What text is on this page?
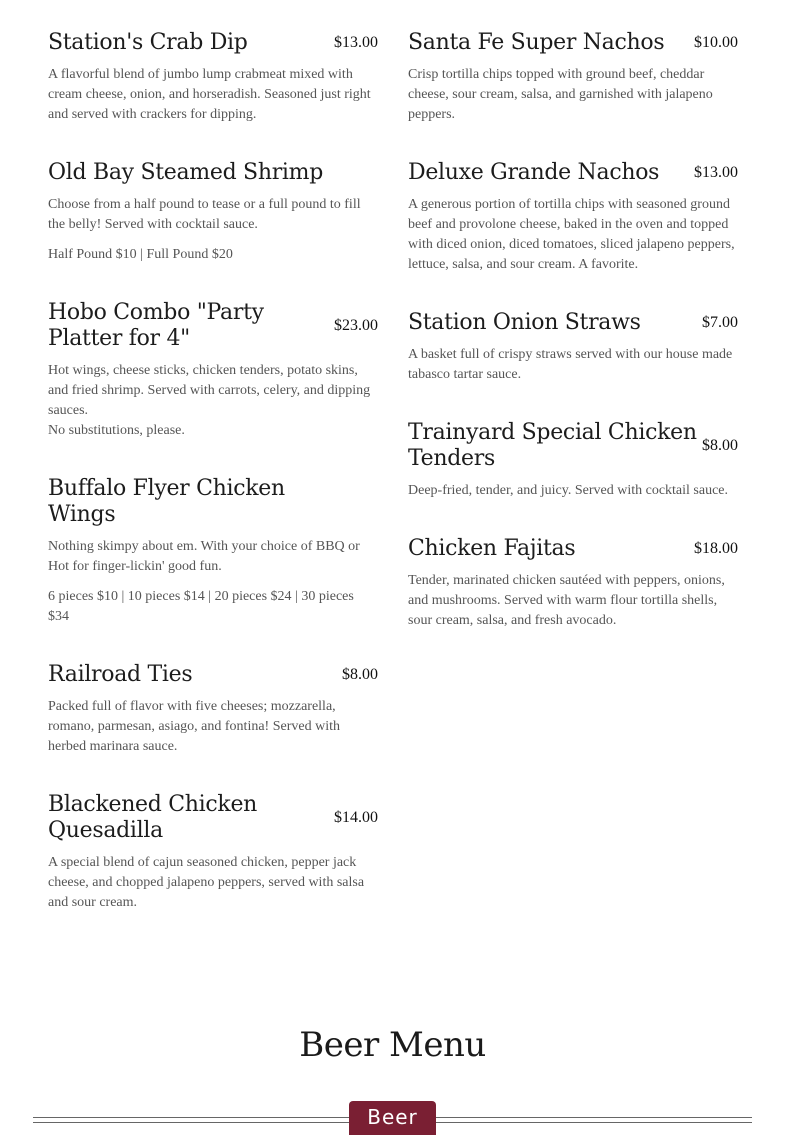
Station's Crab Dip	$13.00
A flavorful blend of jumbo lump crabmeat mixed with cream cheese, onion, and horseradish. Seasoned just right and served with crackers for dipping.
Old Bay Steamed Shrimp
Choose from a half pound to tease or a full pound to fill the belly! Served with cocktail sauce.
Half Pound $10 | Full Pound $20
Hobo Combo "Party Platter for 4"
$23.00
Hot wings, cheese sticks, chicken tenders, potato skins, and fried shrimp. Served with carrots, celery, and dipping sauces.
No substitutions, please.
Buffalo Flyer Chicken Wings
Nothing skimpy about em. With your choice of BBQ or Hot for finger-lickin' good fun.
6 pieces $10 | 10 pieces $14 | 20 pieces $24 | 30 pieces $34
Railroad Ties	$8.00
Packed full of flavor with five cheeses; mozzarella, romano, parmesan, asiago, and fontina! Served with herbed marinara sauce.
Blackened Chicken Quesadilla
$14.00
A special blend of cajun seasoned chicken, pepper jack cheese, and chopped jalapeno peppers, served with salsa and sour cream.
Santa Fe Super Nachos $10.00
Crisp tortilla chips topped with ground beef, cheddar cheese, sour cream, salsa, and garnished with jalapeno peppers.
Deluxe Grande Nachos $13.00
A generous portion of tortilla chips with seasoned ground beef and provolone cheese, baked in the oven and topped with diced onion, diced tomatoes, sliced jalapeno peppers, lettuce, salsa, and sour cream. A favorite.
Station Onion Straws	$7.00
A basket full of crispy straws served with our house made tabasco tartar sauce.
Trainyard Special Chicken Tenders
$8.00
Deep-fried, tender, and juicy. Served with cocktail sauce.
Chicken Fajitas	$18.00
Tender, marinated chicken sautéed with peppers, onions, and mushrooms. Served with warm flour tortilla shells, sour cream, salsa, and fresh avocado.
Beer Menu
Beer
